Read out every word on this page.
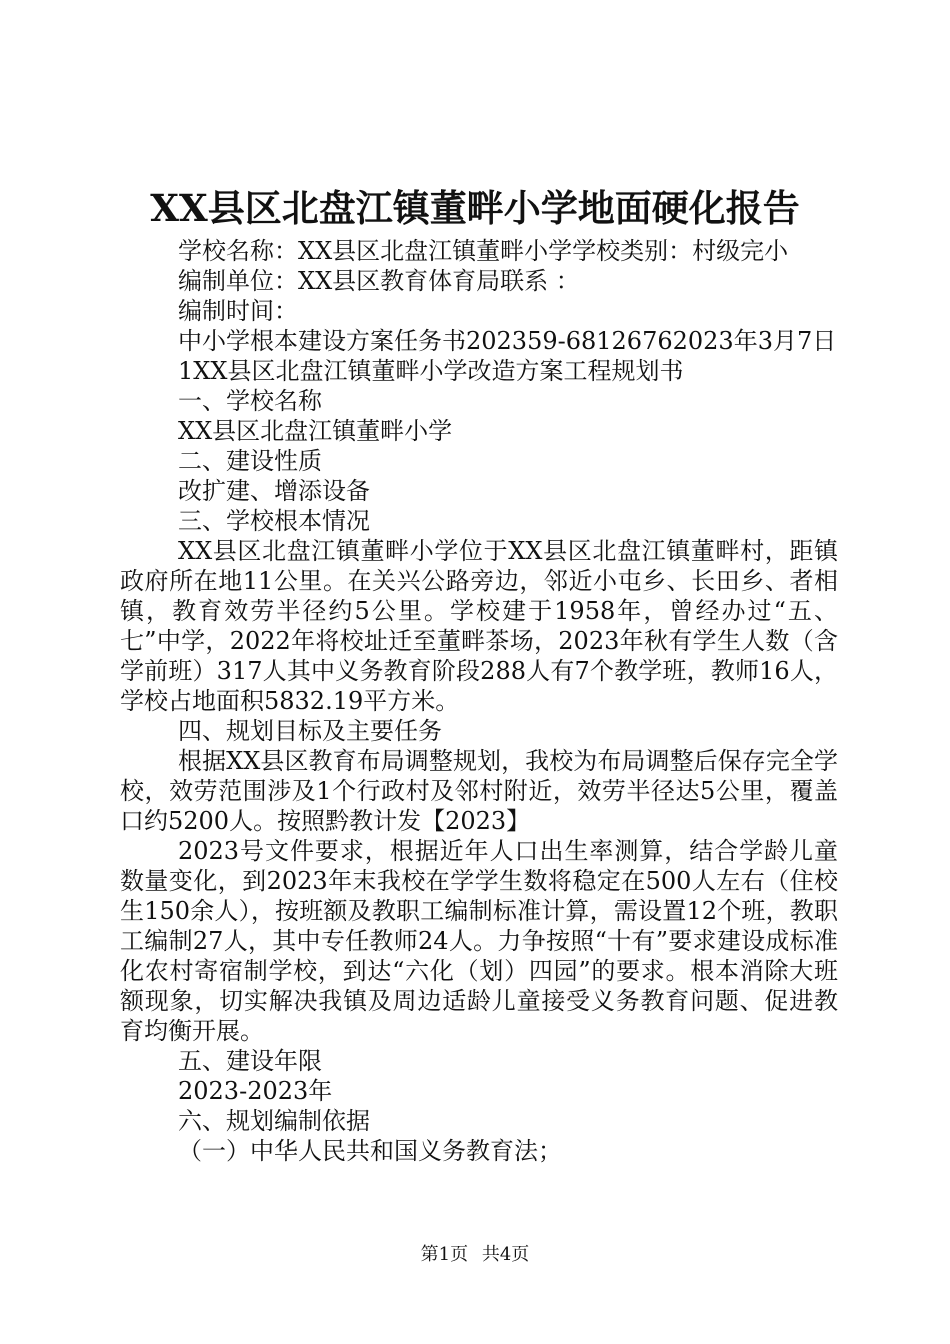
XX县区北盘江镇董畔小学地面硬化报告
学校名称：XX县区北盘江镇董畔小学学校类别：村级完小
编制单位：XX县区教育体育局联系 ：
编制时间：
中小学根本建设方案任务书202359-68126762023年3月7日
1XX县区北盘江镇董畔小学改造方案工程规划书
一、学校名称
XX县区北盘江镇董畔小学
二、建设性质
改扩建、增添设备
三、学校根本情况
XX县区北盘江镇董畔小学位于XX县区北盘江镇董畔村，距镇政府所在地11公里。在关兴公路旁边，邻近小屯乡、长田乡、者相镇，教育效劳半径约5公里。学校建于1958年，曾经办过“五、七”中学，2022年将校址迁至董畔茶场，2023年秋有学生人数（含学前班）317人其中义务教育阶段288人有7个教学班，教师16人，学校占地面积5832.19平方米。
四、规划目标及主要任务
根据XX县区教育布局调整规划，我校为布局调整后保存完全学校，效劳范围涉及1个行政村及邻村附近，效劳半径达5公里，覆盖口约5200人。按照黔教计发【2023】
2023号文件要求，根据近年人口出生率测算，结合学龄儿童数量变化，到2023年末我校在学学生数将稳定在500人左右（住校生150余人），按班额及教职工编制标准计算，需设置12个班，教职工编制27人，其中专任教师24人。力争按照“十有”要求建设成标准化农村寄宿制学校，到达“六化（划）四园”的要求。根本消除大班额现象，切实解决我镇及周边适龄儿童接受义务教育问题、促进教育均衡开展。
五、建设年限
2023-2023年
六、规划编制依据
（一）中华人民共和国义务教育法；
第1页 共4页
